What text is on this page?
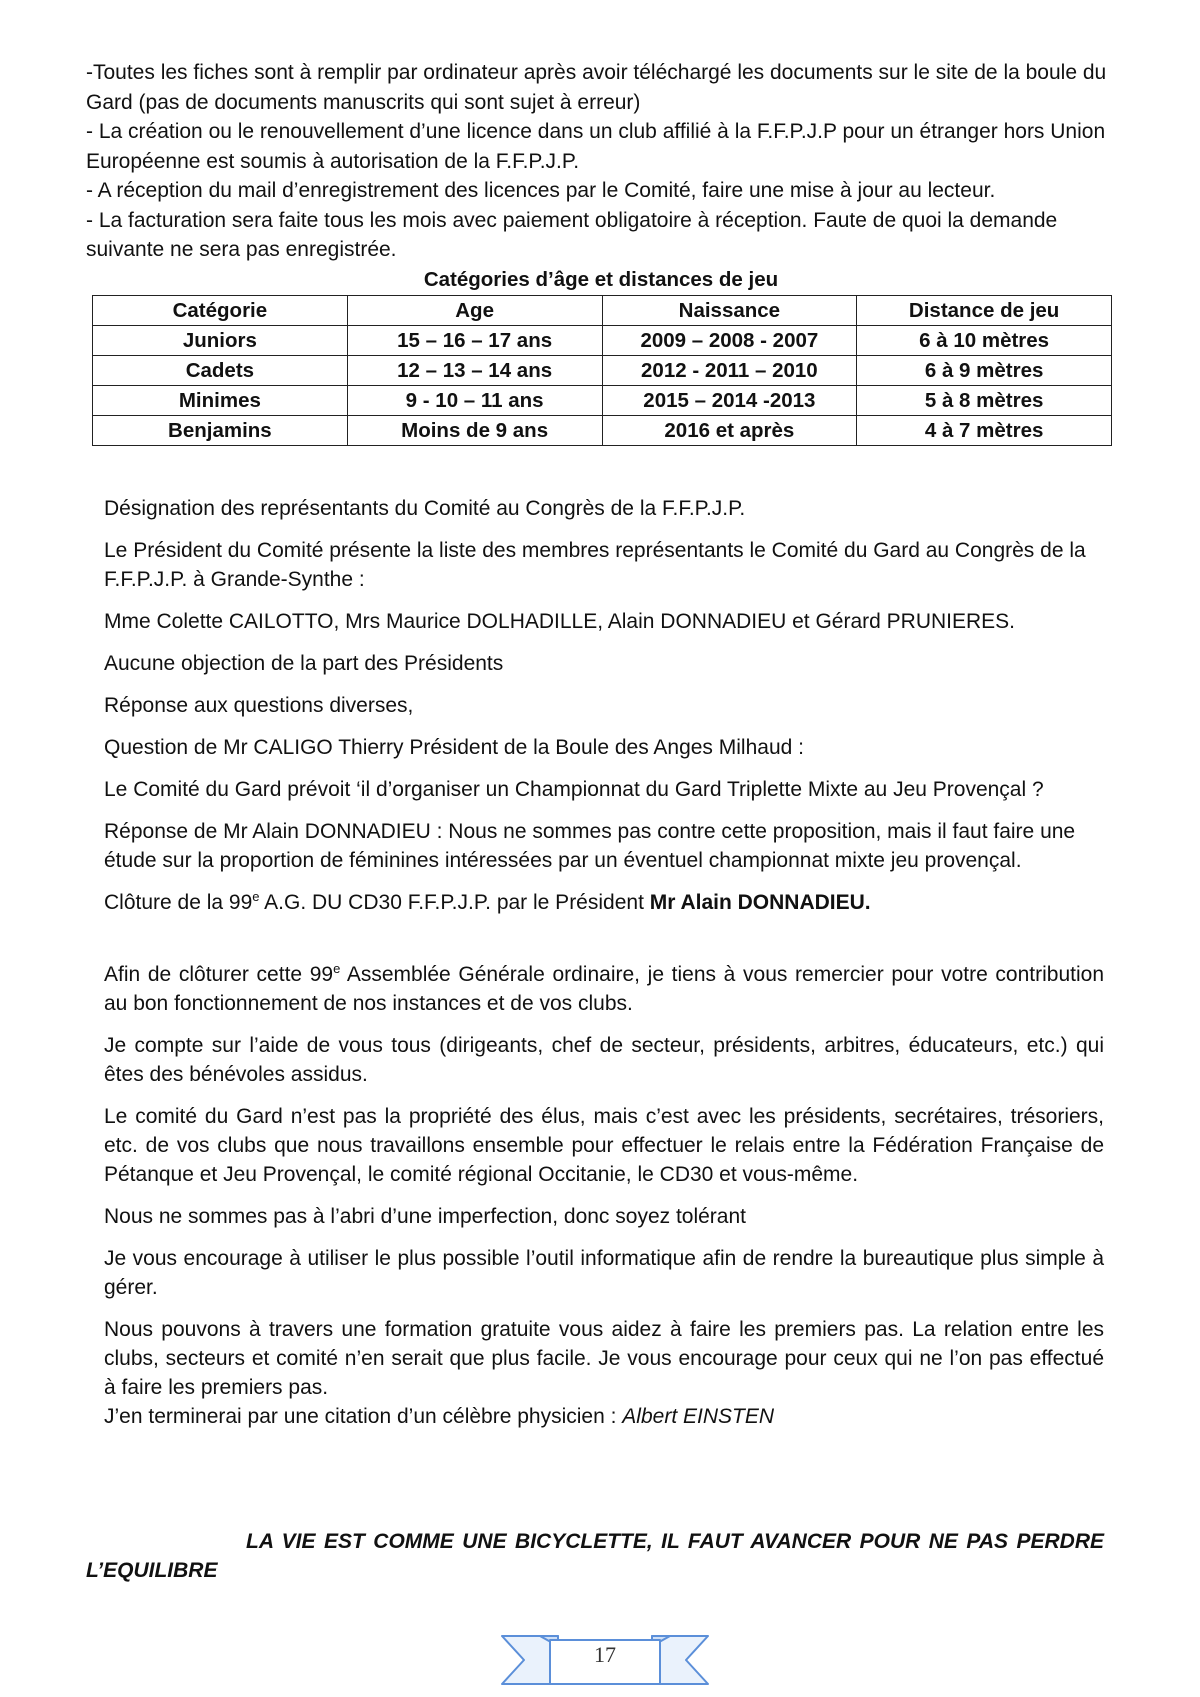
-Toutes les fiches sont à remplir par ordinateur après avoir téléchargé les documents sur le site de la boule du Gard (pas de documents manuscrits qui sont sujet à erreur)

- La création ou le renouvellement d’une licence dans un club affilié à la F.F.P.J.P pour un étranger hors Union Européenne est soumis à autorisation de la F.F.P.J.P.

- A réception du mail d’enregistrement des licences par le Comité, faire une mise à jour au lecteur.

- La facturation sera faite tous les mois avec paiement obligatoire à réception. Faute de quoi la demande suivante ne sera pas enregistrée.

Catégories d’âge et distances de jeu
Catégorie	Age	Naissance	Distance de jeu
Juniors	15 – 16 – 17 ans	2009 – 2008 - 2007	6 à 10 mètres
Cadets	12 – 13 – 14 ans	2012 - 2011 – 2010	6 à 9 mètres
Minimes	9 - 10 – 11 ans	2015 – 2014 -2013	5 à 8 mètres
Benjamins	Moins de 9 ans	2016 et après	4 à 7 mètres

Désignation des représentants du Comité au Congrès de la F.F.P.J.P.

Le Président du Comité présente la liste des membres représentants le Comité du Gard au Congrès de la F.F.P.J.P. à Grande-Synthe :

Mme Colette CAILOTTO, Mrs Maurice DOLHADILLE, Alain DONNADIEU et Gérard PRUNIERES.

Aucune objection de la part des Présidents

Réponse aux questions diverses,

Question de Mr CALIGO Thierry Président de la Boule des Anges Milhaud :

Le Comité du Gard prévoit ‘il d’organiser un Championnat du Gard Triplette Mixte au Jeu Provençal ?

Réponse de Mr Alain DONNADIEU : Nous ne sommes pas contre cette proposition, mais il faut faire une étude sur la proportion de féminines intéressées par un éventuel championnat mixte jeu provençal.

Clôture de la 99e A.G. DU CD30 F.F.P.J.P. par le Président Mr Alain DONNADIEU.

Afin de clôturer cette 99e Assemblée Générale ordinaire, je tiens à vous remercier pour votre contribution au bon fonctionnement de nos instances et de vos clubs.

Je compte sur l’aide de vous tous (dirigeants, chef de secteur, présidents, arbitres, éducateurs, etc.) qui êtes des bénévoles assidus.

Le comité du Gard n’est pas la propriété des élus, mais c’est avec les présidents, secrétaires, trésoriers, etc. de vos clubs que nous travaillons ensemble pour effectuer le relais entre la Fédération Française de Pétanque et Jeu Provençal, le comité régional Occitanie, le CD30 et vous-même.

Nous ne sommes pas à l’abri d’une imperfection, donc soyez tolérant

Je vous encourage à utiliser le plus possible l’outil informatique afin de rendre la bureautique plus simple à gérer.

Nous pouvons à travers une formation gratuite vous aidez à faire les premiers pas. La relation entre les clubs, secteurs et comité n’en serait que plus facile. Je vous encourage pour ceux qui ne l’on pas effectué à faire les premiers pas.

J’en terminerai par une citation d’un célèbre physicien : Albert EINSTEN

LA VIE EST COMME UNE BICYCLETTE, IL FAUT AVANCER POUR NE PAS PERDRE L’EQUILIBRE
17
